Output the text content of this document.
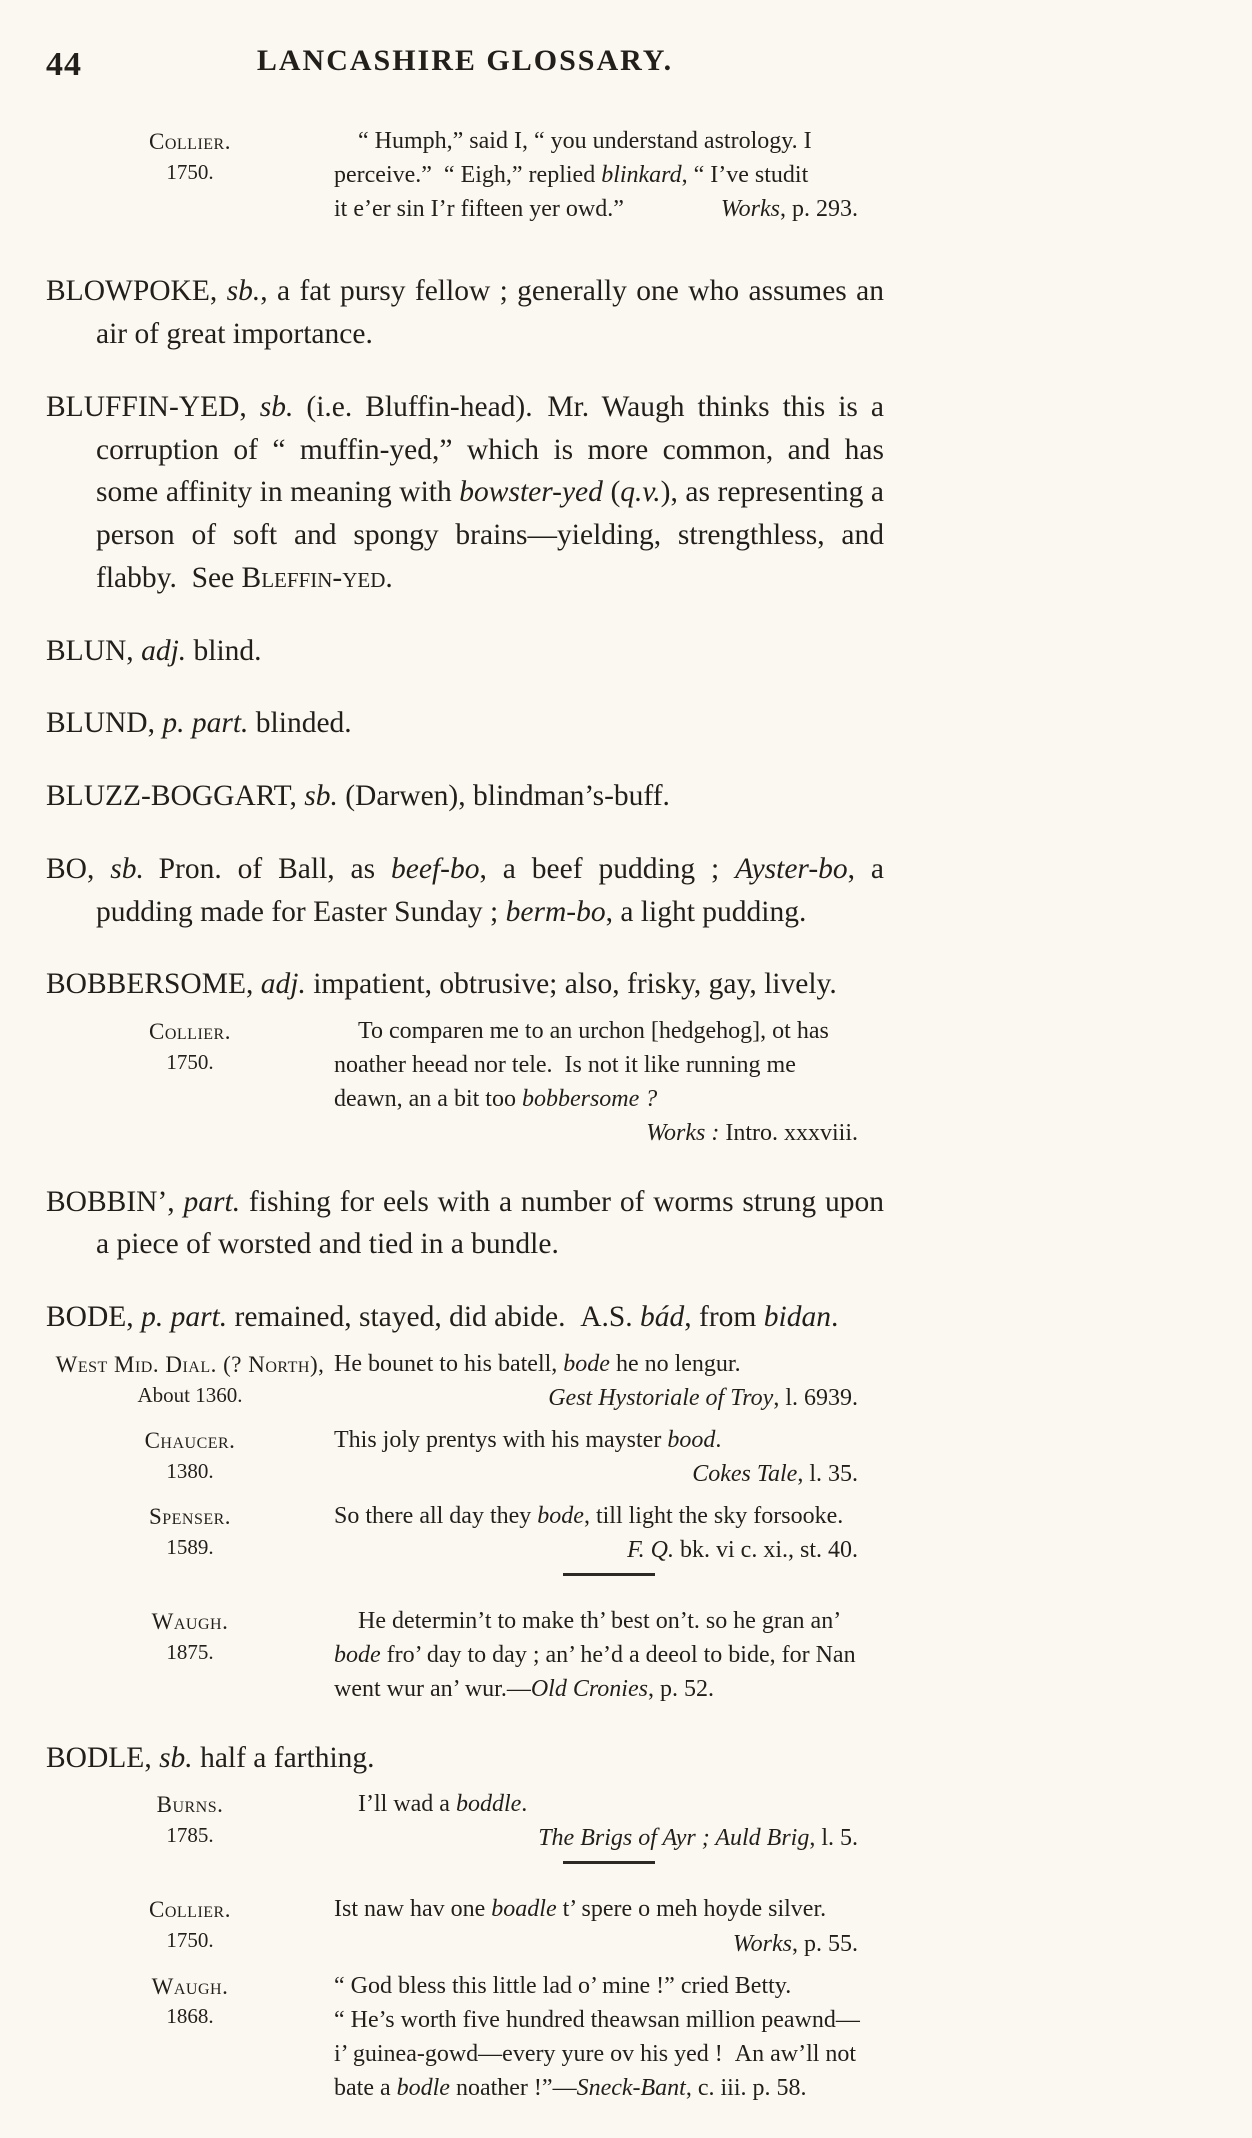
44	LANCASHIRE GLOSSARY.
Collier.
1750.
“ Humph,” said I, “ you understand astrology. I
perceive.” “ Eigh,” replied blinkard, “ I’ve studit
it e’er sin I’r fifteen yer owd.”	Works, p. 293.

BLOWPOKE, sb., a fat pursy fellow ; generally one who assumes an air of great importance.

BLUFFIN-YED, sb. (i.e. Bluffin-head). Mr. Waugh thinks this is a corruption of “ muffin-yed,” which is more common, and has some affinity in meaning with bowster-yed (q.v.), as representing a person of soft and spongy brains—yielding, strengthless, and flabby. See Bleffin-yed.

BLUN, adj. blind.

BLUND, p. part. blinded.

BLUZZ-BOGGART, sb. (Darwen), blindman’s-buff.

BO, sb. Pron. of Ball, as beef-bo, a beef pudding ; Ayster-bo, a pudding made for Easter Sunday ; berm-bo, a light pudding.

BOBBERSOME, adj. impatient, obtrusive; also, frisky, gay, lively.

Collier.
1750.
To comparen me to an urchon [hedgehog], ot has
noather heead nor tele. Is not it like running me
deawn, an a bit too bobbersome ?
Works : Intro. xxxviii.

BOBBIN’, part. fishing for eels with a number of worms strung upon a piece of worsted and tied in a bundle.

BODE, p. part. remained, stayed, did abide. A.S. bád, from bidan.

West Mid. Dial. (? North),
About 1360.
He bounet to his batell, bode he no lengur.
Gest Hystoriale of Troy, l. 6939.
Chaucer.
1380.
This joly prentys with his mayster bood.
Cokes Tale, l. 35.
Spenser.
1589.
So there all day they bode, till light the sky forsooke.
F. Q. bk. vi c. xi., st. 40.
Waugh.
1875.
He determin’t to make th’ best on’t. so he gran an’
bode fro’ day to day ; an’ he’d a deeol to bide, for Nan
went wur an’ wur.—Old Cronies, p. 52.

BODLE, sb. half a farthing.

Burns.
1785.
I’ll wad a boddle.
The Brigs of Ayr ; Auld Brig, l. 5.
Collier.
1750.
Ist naw hav one boadle t’ spere o meh hoyde silver.
Works, p. 55.
Waugh.
1868.
“ God bless this little lad o’ mine !” cried Betty.
“ He’s worth five hundred theawsan million peawnd—
i’ guinea-gowd—every yure ov his yed ! An aw’ll not
bate a bodle noather !”—Sneck-Bant, c. iii. p. 58.
